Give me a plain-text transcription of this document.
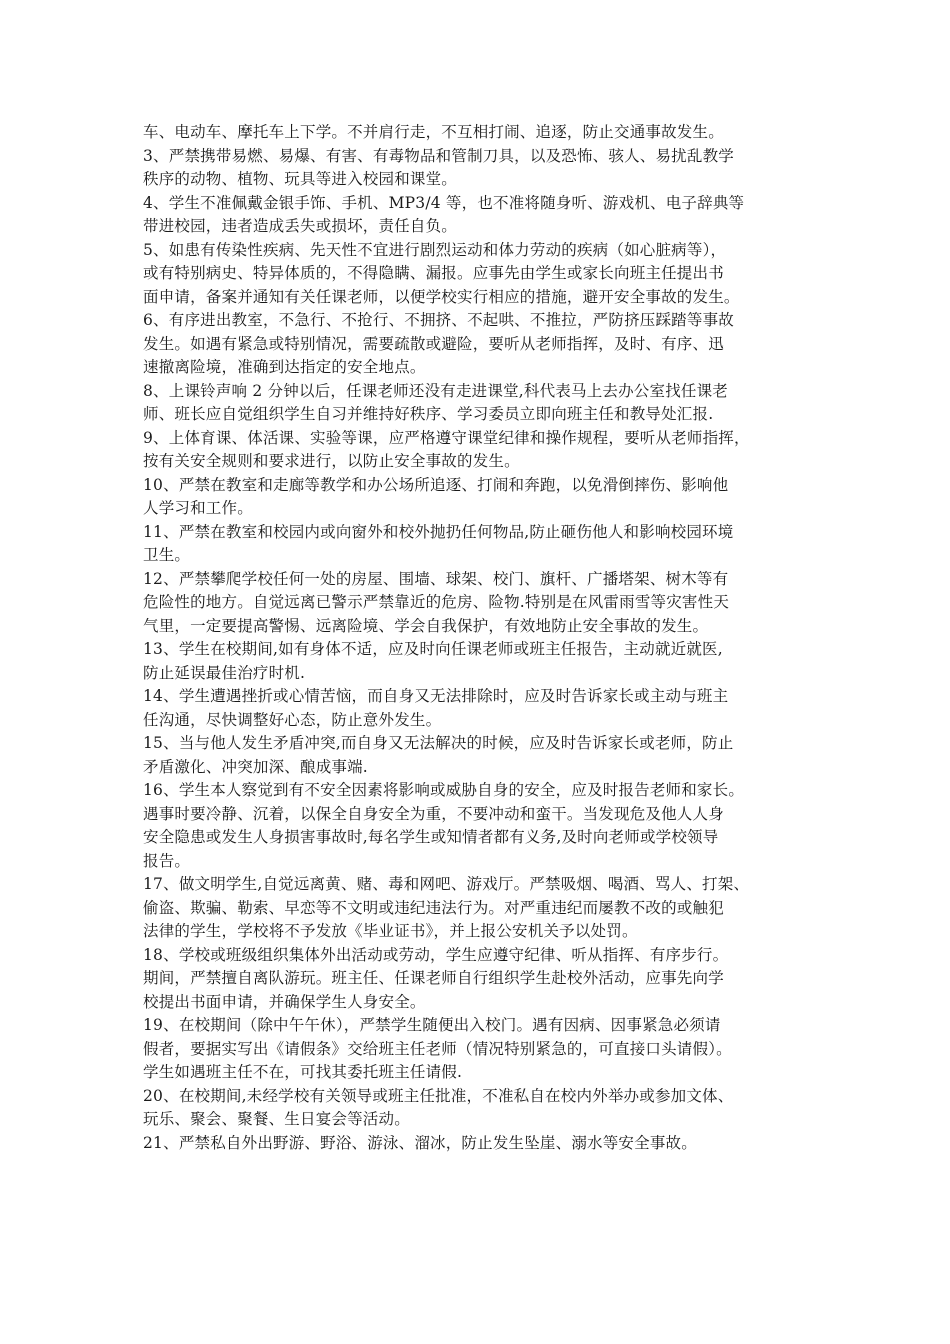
车、电动车、摩托车上下学。不并肩行走，不互相打闹、追逐，防止交通事故发生。
3、严禁携带易燃、易爆、有害、有毒物品和管制刀具，以及恐怖、骇人、易扰乱教学
秩序的动物、植物、玩具等进入校园和课堂。
4、学生不准佩戴金银手饰、手机、MP3/4 等，也不准将随身听、游戏机、电子辞典等
带进校园，违者造成丢失或损坏，责任自负。
5、如患有传染性疾病、先天性不宜进行剧烈运动和体力劳动的疾病（如心脏病等），
或有特别病史、特异体质的，不得隐瞒、漏报。应事先由学生或家长向班主任提出书
面申请，备案并通知有关任课老师，以便学校实行相应的措施，避开安全事故的发生。
6、有序进出教室，不急行、不抢行、不拥挤、不起哄、不推拉，严防挤压踩踏等事故
发生。如遇有紧急或特别情况，需要疏散或避险，要听从老师指挥，及时、有序、迅
速撤离险境，准确到达指定的安全地点。
8、上课铃声响 2 分钟以后，任课老师还没有走进课堂,科代表马上去办公室找任课老
师、班长应自觉组织学生自习并维持好秩序、学习委员立即向班主任和教导处汇报.
9、上体育课、体活课、实验等课，应严格遵守课堂纪律和操作规程，要听从老师指挥，
按有关安全规则和要求进行，以防止安全事故的发生。
10、严禁在教室和走廊等教学和办公场所追逐、打闹和奔跑，以免滑倒摔伤、影响他
人学习和工作。
11、严禁在教室和校园内或向窗外和校外抛扔任何物品,防止砸伤他人和影响校园环境
卫生。
12、严禁攀爬学校任何一处的房屋、围墙、球架、校门、旗杆、广播塔架、树木等有
危险性的地方。自觉远离已警示严禁靠近的危房、险物.特别是在风雷雨雪等灾害性天
气里，一定要提高警惕、远离险境、学会自我保护，有效地防止安全事故的发生。
13、学生在校期间,如有身体不适，应及时向任课老师或班主任报告，主动就近就医,
防止延误最佳治疗时机.
14、学生遭遇挫折或心情苦恼，而自身又无法排除时，应及时告诉家长或主动与班主
任沟通，尽快调整好心态，防止意外发生。
15、当与他人发生矛盾冲突,而自身又无法解决的时候，应及时告诉家长或老师，防止
矛盾激化、冲突加深、酿成事端.
16、学生本人察觉到有不安全因素将影响或威胁自身的安全，应及时报告老师和家长。
遇事时要冷静、沉着，以保全自身安全为重，不要冲动和蛮干。当发现危及他人人身
安全隐患或发生人身损害事故时,每名学生或知情者都有义务,及时向老师或学校领导
报告。
17、做文明学生,自觉远离黄、赌、毒和网吧、游戏厅。严禁吸烟、喝酒、骂人、打架、
偷盗、欺骗、勒索、早恋等不文明或违纪违法行为。对严重违纪而屡教不改的或触犯
法律的学生，学校将不予发放《毕业证书》，并上报公安机关予以处罚。
18、学校或班级组织集体外出活动或劳动，学生应遵守纪律、听从指挥、有序步行。
期间，严禁擅自离队游玩。班主任、任课老师自行组织学生赴校外活动，应事先向学
校提出书面申请，并确保学生人身安全。
19、在校期间（除中午午休），严禁学生随便出入校门。遇有因病、因事紧急必须请
假者，要据实写出《请假条》交给班主任老师（情况特别紧急的，可直接口头请假）。
学生如遇班主任不在，可找其委托班主任请假.
20、在校期间,未经学校有关领导或班主任批准，不准私自在校内外举办或参加文体、
玩乐、聚会、聚餐、生日宴会等活动。
21、严禁私自外出野游、野浴、游泳、溜冰，防止发生坠崖、溺水等安全事故。
